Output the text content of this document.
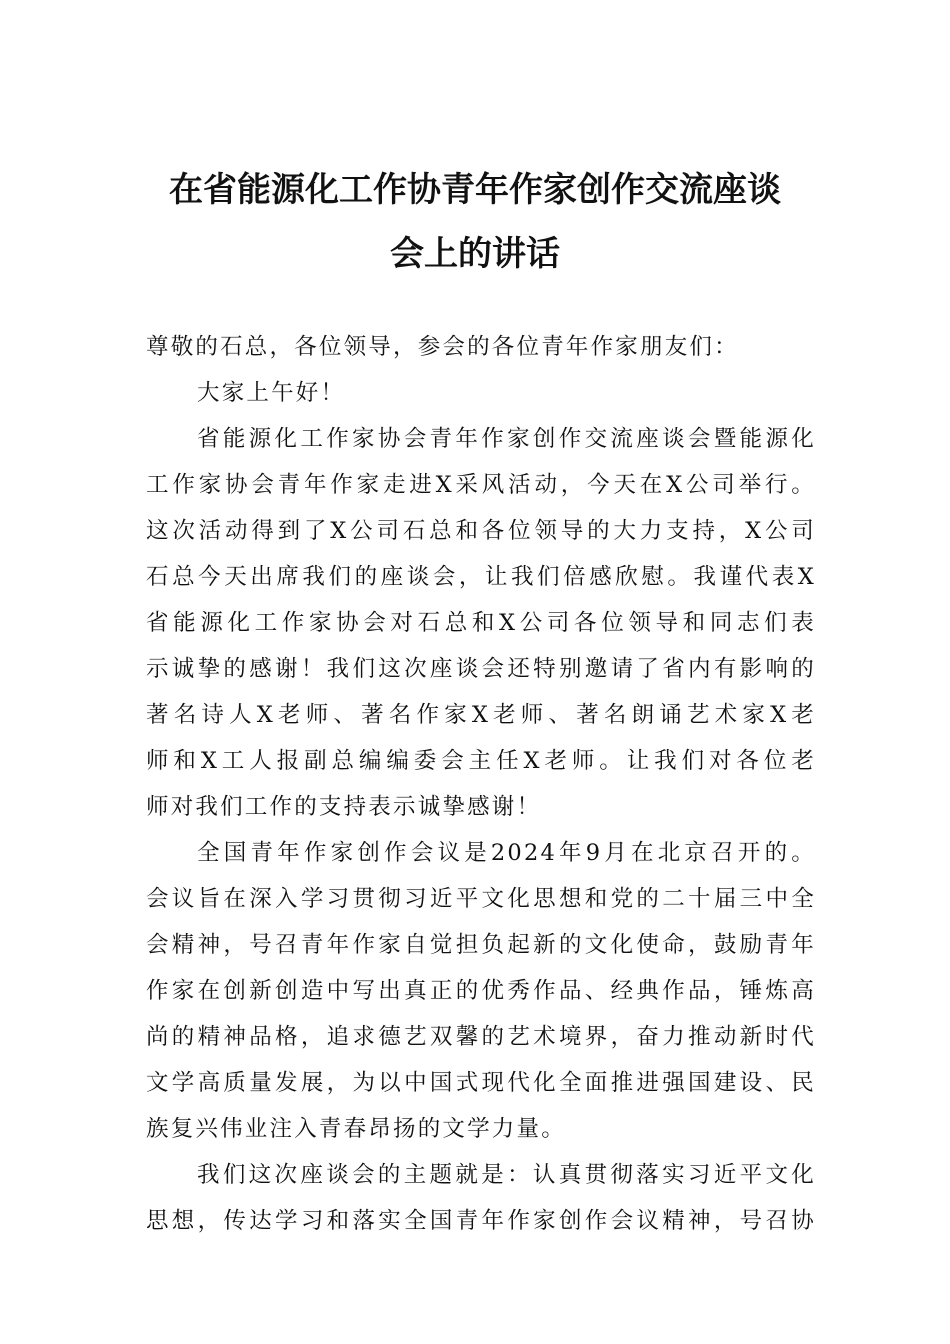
在省能源化工作协青年作家创作交流座谈
会上的讲话
尊敬的石总，各位领导，参会的各位青年作家朋友们：
大家上午好！
省能源化工作家协会青年作家创作交流座谈会暨能源化
工作家协会青年作家走进X采风活动，今天在X公司举行。
这次活动得到了X公司石总和各位领导的大力支持，X公司
石总今天出席我们的座谈会，让我们倍感欣慰。我谨代表X
省能源化工作家协会对石总和X公司各位领导和同志们表
示诚挚的感谢！我们这次座谈会还特别邀请了省内有影响的
著名诗人X老师、著名作家X老师、著名朗诵艺术家X老
师和X工人报副总编编委会主任X老师。让我们对各位老
师对我们工作的支持表示诚挚感谢！
全国青年作家创作会议是2024年9月在北京召开的。
会议旨在深入学习贯彻习近平文化思想和党的二十届三中全
会精神，号召青年作家自觉担负起新的文化使命，鼓励青年
作家在创新创造中写出真正的优秀作品、经典作品，锤炼高
尚的精神品格，追求德艺双馨的艺术境界，奋力推动新时代
文学高质量发展，为以中国式现代化全面推进强国建设、民
族复兴伟业注入青春昂扬的文学力量。
我们这次座谈会的主题就是：认真贯彻落实习近平文化
思想，传达学习和落实全国青年作家创作会议精神，号召协
